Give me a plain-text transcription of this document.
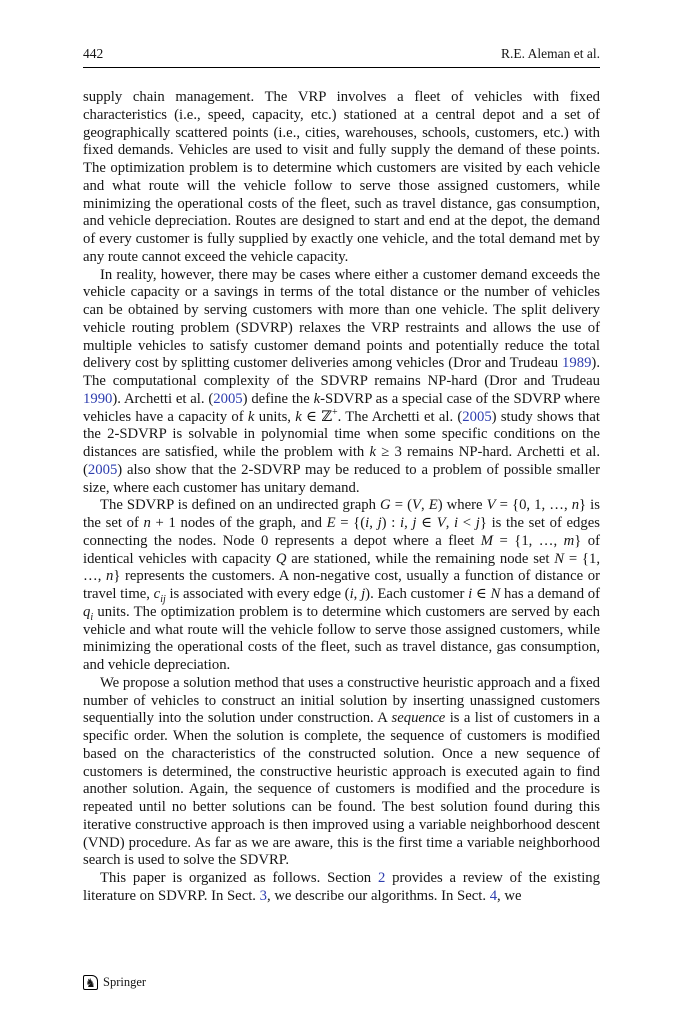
442	R.E. Aleman et al.

supply chain management. The VRP involves a fleet of vehicles with fixed characteristics (i.e., speed, capacity, etc.) stationed at a central depot and a set of geographically scattered points (i.e., cities, warehouses, schools, customers, etc.) with fixed demands. Vehicles are used to visit and fully supply the demand of these points. The optimization problem is to determine which customers are visited by each vehicle and what route will the vehicle follow to serve those assigned customers, while minimizing the operational costs of the fleet, such as travel distance, gas consumption, and vehicle depreciation. Routes are designed to start and end at the depot, the demand of every customer is fully supplied by exactly one vehicle, and the total demand met by any route cannot exceed the vehicle capacity.

In reality, however, there may be cases where either a customer demand exceeds the vehicle capacity or a savings in terms of the total distance or the number of vehicles can be obtained by serving customers with more than one vehicle. The split delivery vehicle routing problem (SDVRP) relaxes the VRP restraints and allows the use of multiple vehicles to satisfy customer demand points and potentially reduce the total delivery cost by splitting customer deliveries among vehicles (Dror and Trudeau 1989). The computational complexity of the SDVRP remains NP-hard (Dror and Trudeau 1990). Archetti et al. (2005) define the k-SDVRP as a special case of the SDVRP where vehicles have a capacity of k units, k ∈ ℤ+. The Archetti et al. (2005) study shows that the 2-SDVRP is solvable in polynomial time when some specific conditions on the distances are satisfied, while the problem with k ≥ 3 remains NP-hard. Archetti et al. (2005) also show that the 2-SDVRP may be reduced to a problem of possible smaller size, where each customer has unitary demand.

The SDVRP is defined on an undirected graph G = (V, E) where V = {0, 1, …, n} is the set of n + 1 nodes of the graph, and E = {(i, j) : i, j ∈ V, i < j} is the set of edges connecting the nodes. Node 0 represents a depot where a fleet M = {1, …, m} of identical vehicles with capacity Q are stationed, while the remaining node set N = {1, …, n} represents the customers. A non-negative cost, usually a function of distance or travel time, $c_{ij}$ is associated with every edge (i, j). Each customer i ∈ N has a demand of $q_i$ units. The optimization problem is to determine which customers are served by each vehicle and what route will the vehicle follow to serve those assigned customers, while minimizing the operational costs of the fleet, such as travel distance, gas consumption, and vehicle depreciation.

We propose a solution method that uses a constructive heuristic approach and a fixed number of vehicles to construct an initial solution by inserting unassigned customers sequentially into the solution under construction. A sequence is a list of customers in a specific order. When the solution is complete, the sequence of customers is modified based on the characteristics of the constructed solution. Once a new sequence of customers is determined, the constructive heuristic approach is executed again to find another solution. Again, the sequence of customers is modified and the procedure is repeated until no better solutions can be found. The best solution found during this iterative constructive approach is then improved using a variable neighborhood descent (VND) procedure. As far as we are aware, this is the first time a variable neighborhood search is used to solve the SDVRP.

This paper is organized as follows. Section 2 provides a review of the existing literature on SDVRP. In Sect. 3, we describe our algorithms. In Sect. 4, we

♞ Springer
